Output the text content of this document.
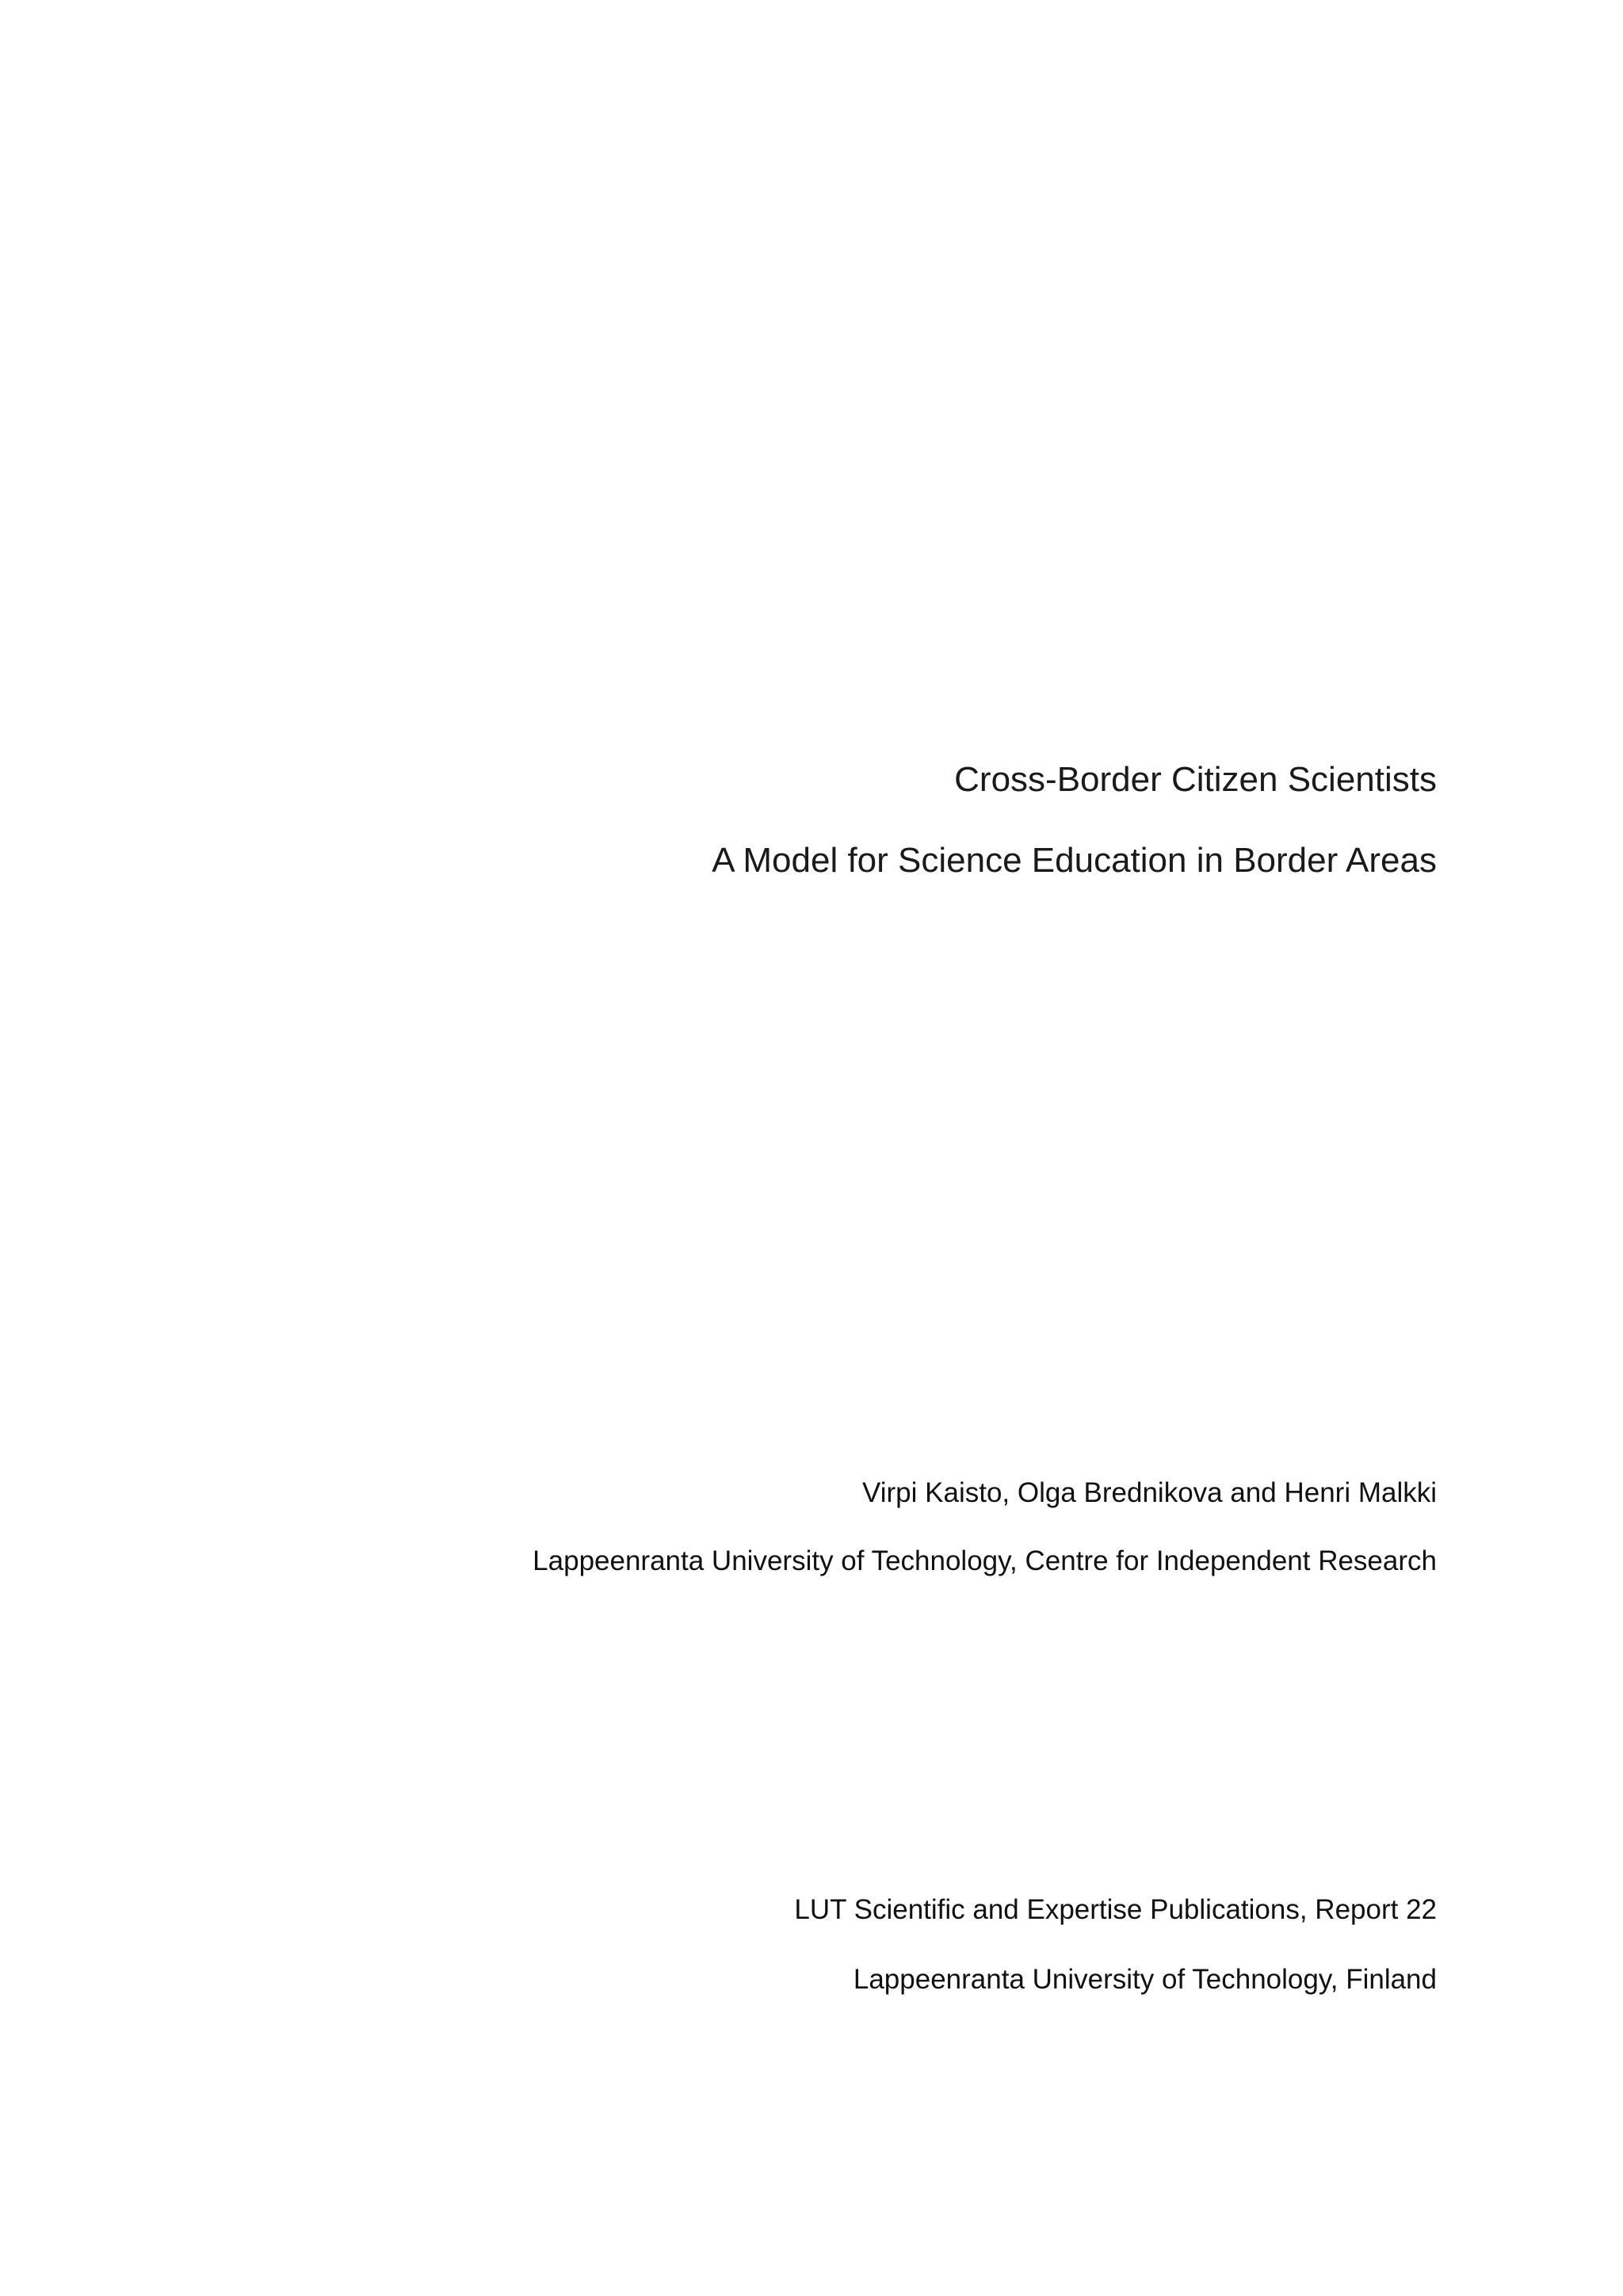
Cross-Border Citizen Scientists
A Model for Science Education in Border Areas
Virpi Kaisto, Olga Brednikova and Henri Malkki
Lappeenranta University of Technology, Centre for Independent Research
LUT Scientific and Expertise Publications, Report 22
Lappeenranta University of Technology, Finland
